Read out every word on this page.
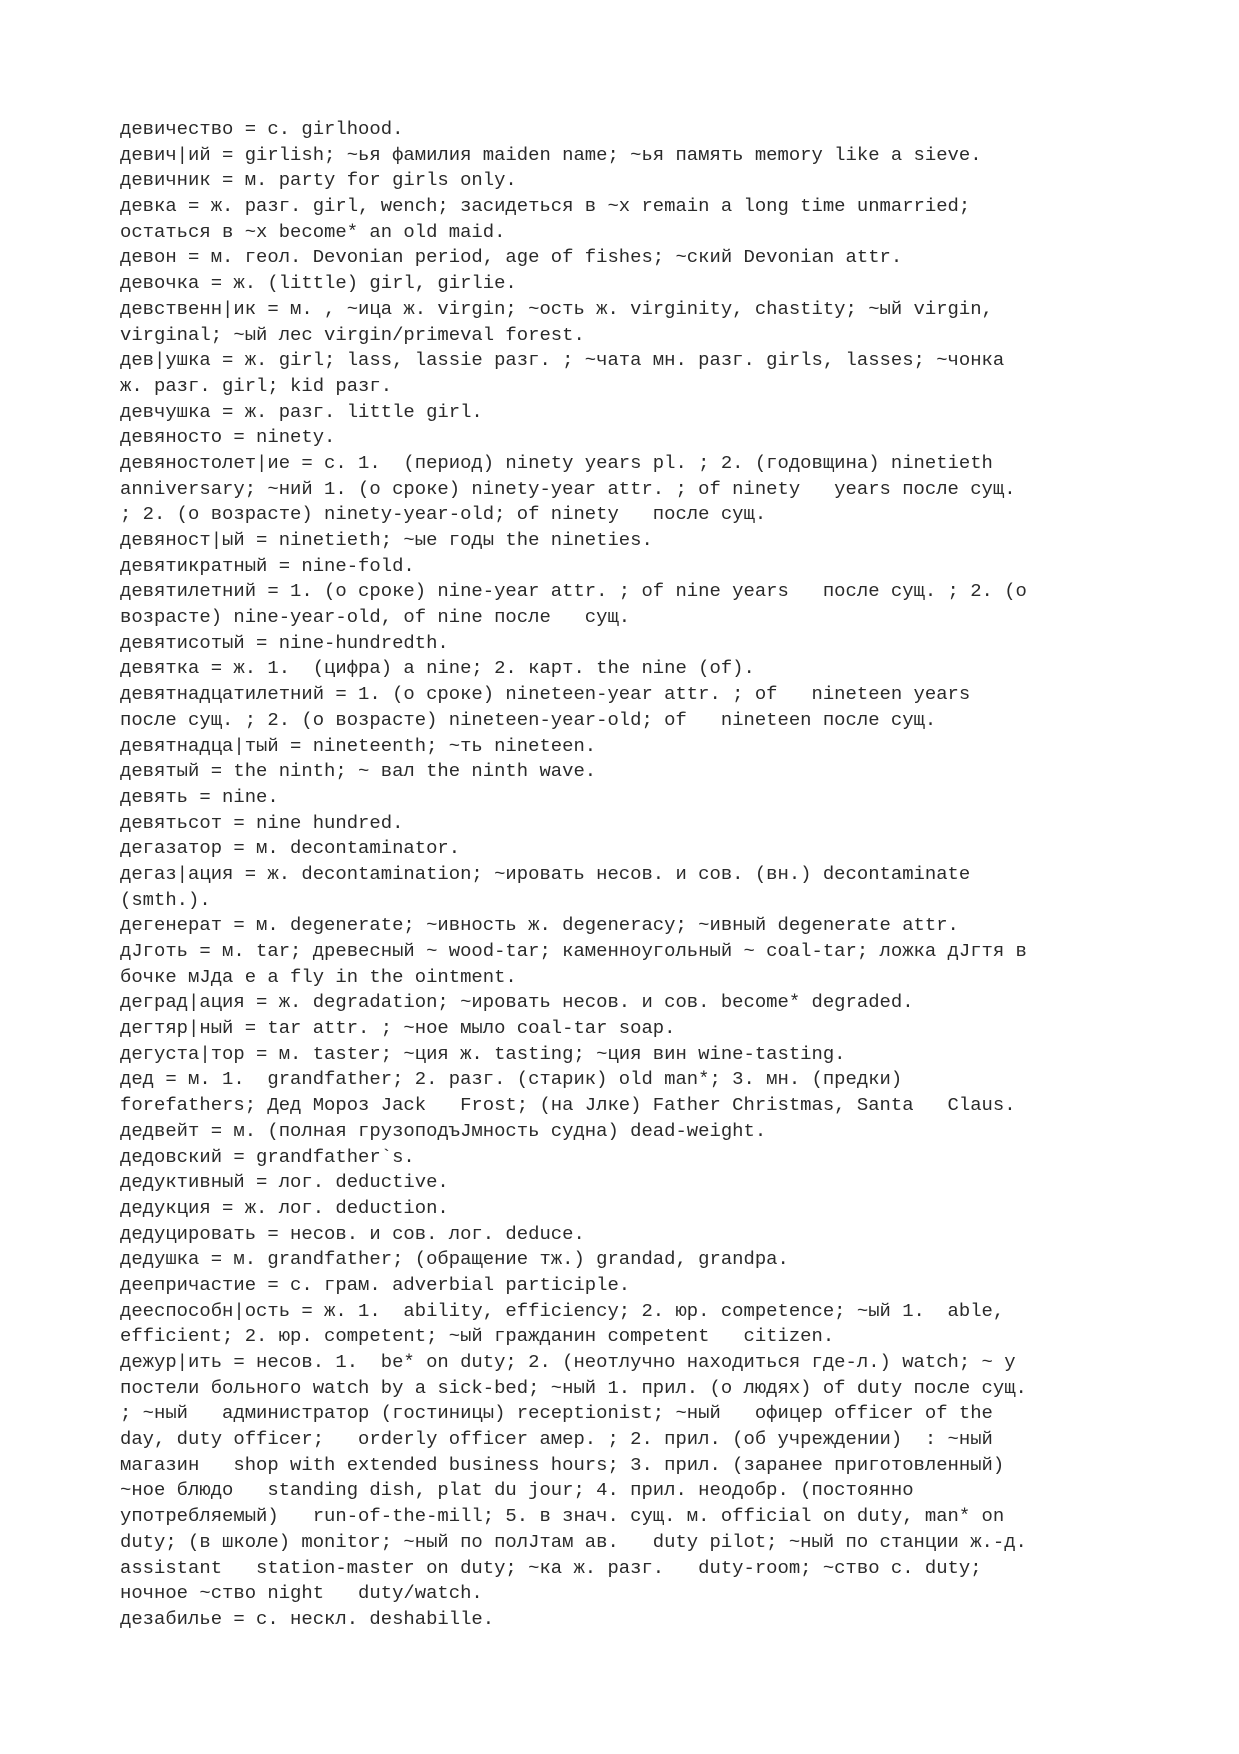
девичество = с. girlhood.
девич|ий = girlish; ~ья фамилия maiden name; ~ья память memory like a sieve.
девичник = м. party for girls only.
девка = ж. разг. girl, wench; засидеться в ~х remain a long time unmarried;
остаться в ~х become* an old maid.
девон = м. геол. Devonian period, age of fishes; ~ский Devonian attr.
девочка = ж. (little) girl, girlie.
девственн|ик = м. , ~ица ж. virgin; ~ость ж. virginity, chastity; ~ый virgin,
virginal; ~ый лес virgin/primeval forest.
дев|ушка = ж. girl; lass, lassie разг. ; ~чата мн. разг. girls, lasses; ~чонка
ж. разг. girl; kid разг.
девчушка = ж. разг. little girl.
девяносто = ninety.
девяностолет|ие = с. 1.  (период) ninety years pl. ; 2. (годовщина) ninetieth
anniversary; ~ний 1. (о сроке) ninety-year attr. ; of ninety   years после сущ.
; 2. (о возрасте) ninety-year-old; of ninety   после сущ.
девяност|ый = ninetieth; ~ые годы the nineties.
девятикратный = nine-fold.
девятилетний = 1. (о сроке) nine-year attr. ; of nine years   после сущ. ; 2. (о
возрасте) nine-year-old, of nine после   сущ.
девятисотый = nine-hundredth.
девятка = ж. 1.  (цифра) a nine; 2. карт. the nine (of).
девятнадцатилетний = 1. (о сроке) nineteen-year attr. ; of   nineteen years
после сущ. ; 2. (о возрасте) nineteen-year-old; of   nineteen после сущ.
девятнадца|тый = nineteenth; ~ть nineteen.
девятый = the ninth; ~ вал the ninth wave.
девять = nine.
девятьсот = nine hundred.
дегазатор = м. decontaminator.
дегаз|ация = ж. decontamination; ~ировать несов. и сов. (вн.) decontaminate
(smth.).
дегенерат = м. degenerate; ~ивность ж. degeneracy; ~ивный degenerate attr.
дЈготь = м. tar; древесный ~ wood-tar; каменноугольный ~ coal-tar; ложка дЈгтя в
бочке мЈда e a fly in the ointment.
деград|ация = ж. degradation; ~ировать несов. и сов. become* degraded.
дегтяр|ный = tar attr. ; ~ное мыло coal-tar soap.
дегуста|тор = м. taster; ~ция ж. tasting; ~ция вин wine-tasting.
дед = м. 1.  grandfather; 2. разг. (старик) old man*; 3. мн. (предки)
forefathers; Дед Мороз Jack   Frost; (на Јлке) Father Christmas, Santa   Claus.
дедвейт = м. (полная грузоподъЈмность судна) dead-weight.
дедовский = grandfather`s.
дедуктивный = лог. deductive.
дедукция = ж. лог. deduction.
дедуцировать = несов. и сов. лог. deduce.
дедушка = м. grandfather; (обращение тж.) grandad, grandpa.
деепричастие = с. грам. adverbial participle.
дееспособн|ость = ж. 1.  ability, efficiency; 2. юр. competence; ~ый 1.  able,
efficient; 2. юр. competent; ~ый гражданин competent   citizen.
дежур|ить = несов. 1.  be* on duty; 2. (неотлучно находиться где-л.) watch; ~ у
постели больного watch by a sick-bed; ~ный 1. прил. (о людях) of duty после сущ.
; ~ный   администратор (гостиницы) receptionist; ~ный   офицер officer of the
day, duty officer;   orderly officer амер. ; 2. прил. (об учреждении)  : ~ный
магазин   shop with extended business hours; 3. прил. (заранее приготовленный)
~ное блюдо   standing dish, plat du jour; 4. прил. неодобр. (постоянно
употребляемый)   run-of-the-mill; 5. в знач. сущ. м. official on duty, man* on
duty; (в школе) monitor; ~ный по полЈтам ав.   duty pilot; ~ный по станции ж.-д.
assistant   station-master on duty; ~ка ж. разг.   duty-room; ~ство с. duty;
ночное ~ство night   duty/watch.
дезабилье = с. нескл. deshabille.
